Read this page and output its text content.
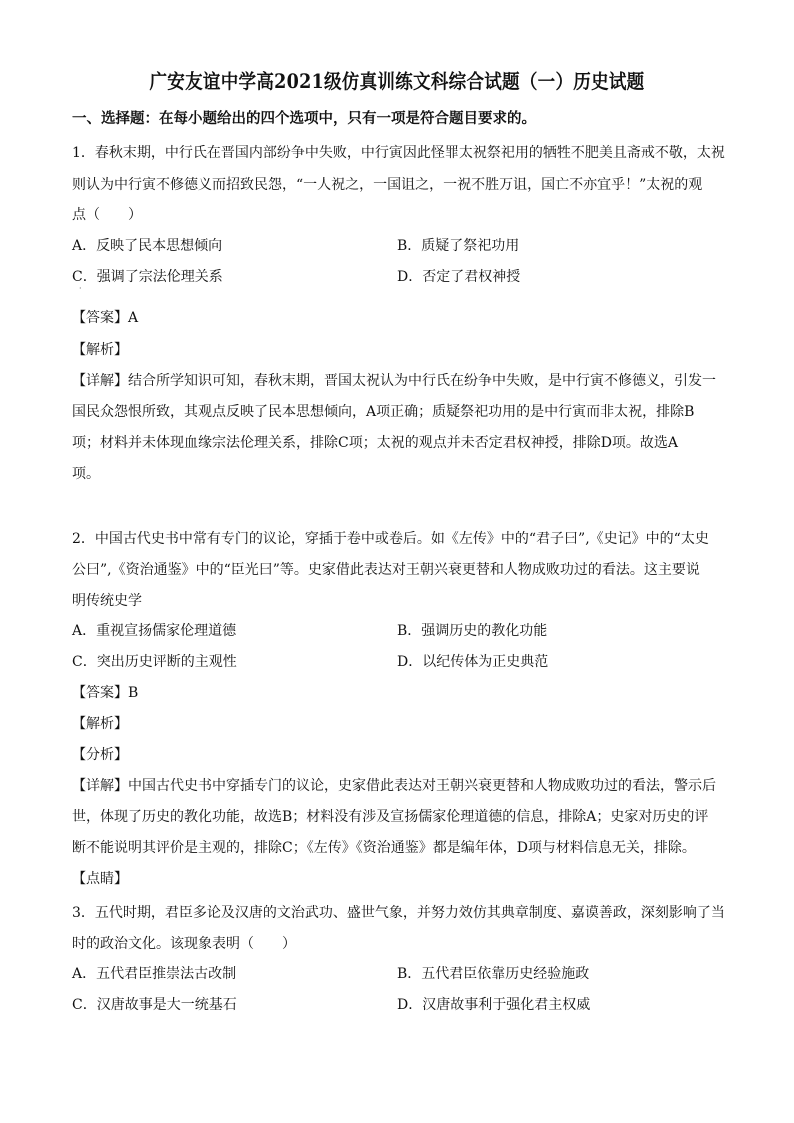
广安友谊中学高2021级仿真训练文科综合试题（一）历史试题
一、选择题：在每小题给出的四个选项中，只有一项是符合题目要求的。
1．春秋末期，中行氏在晋国内部纷争中失败，中行寅因此怪罪太祝祭祀用的牺牲不肥美且斋戒不敬，太祝
则认为中行寅不修德义而招致民怨，“一人祝之，一国诅之，一祝不胜万诅，国亡不亦宜乎！”太祝的观
点（　　）
A．反映了民本思想倾向	B．质疑了祭祀功用
C．强调了宗法伦理关系	D．否定了君权神授
·
【答案】A
【解析】
【详解】结合所学知识可知，春秋末期，晋国太祝认为中行氏在纷争中失败，是中行寅不修德义，引发一
国民众怨恨所致，其观点反映了民本思想倾向，A项正确；质疑祭祀功用的是中行寅而非太祝，排除B
项；材料并未体现血缘宗法伦理关系，排除C项；太祝的观点并未否定君权神授，排除D项。故选A
项。
2．中国古代史书中常有专门的议论，穿插于卷中或卷后。如《左传》中的“君子曰”,《史记》中的“太史
公曰”,《资治通鉴》中的“臣光曰”等。史家借此表达对王朝兴衰更替和人物成败功过的看法。这主要说
明传统史学
A．重视宣扬儒家伦理道德	B．强调历史的教化功能
C．突出历史评断的主观性	D．以纪传体为正史典范
【答案】B
【解析】
【分析】
【详解】中国古代史书中穿插专门的议论，史家借此表达对王朝兴衰更替和人物成败功过的看法，警示后
世，体现了历史的教化功能，故选B；材料没有涉及宣扬儒家伦理道德的信息，排除A；史家对历史的评
断不能说明其评价是主观的，排除C；《左传》《资治通鉴》都是编年体，D项与材料信息无关，排除。
【点睛】
3．五代时期，君臣多论及汉唐的文治武功、盛世气象，并努力效仿其典章制度、嘉谟善政，深刻影响了当
时的政治文化。该现象表明（　　）
A．五代君臣推崇法古改制	B．五代君臣依靠历史经验施政
C．汉唐故事是大一统基石	D．汉唐故事利于强化君主权威
